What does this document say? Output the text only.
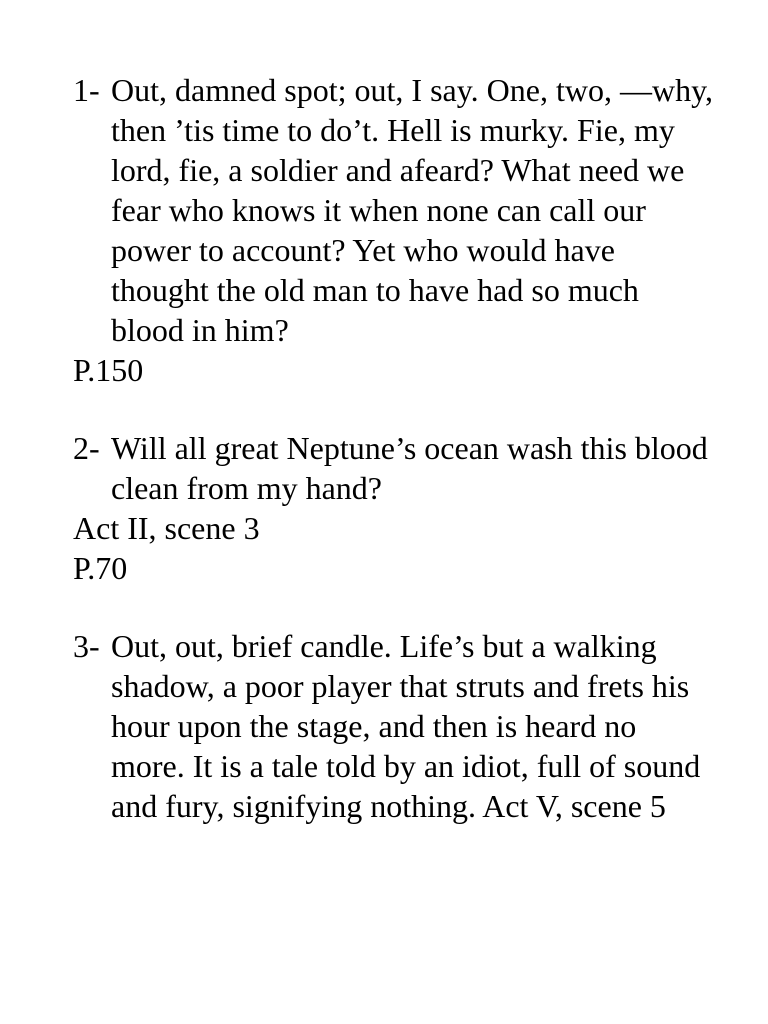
1- Out, damned spot; out, I say. One, two, —why, then ’tis time to do’t. Hell is murky. Fie, my lord, fie, a soldier and afeard? What need we fear who knows it when none can call our power to account? Yet who would have thought the old man to have had so much blood in him?
P.150
2- Will all great Neptune’s ocean wash this blood clean from my hand?
Act II, scene 3
P.70
3- Out, out, brief candle. Life’s but a walking shadow, a poor player that struts and frets his hour upon the stage, and then is heard no more. It is a tale told by an idiot, full of sound and fury, signifying nothing. Act V, scene 5
